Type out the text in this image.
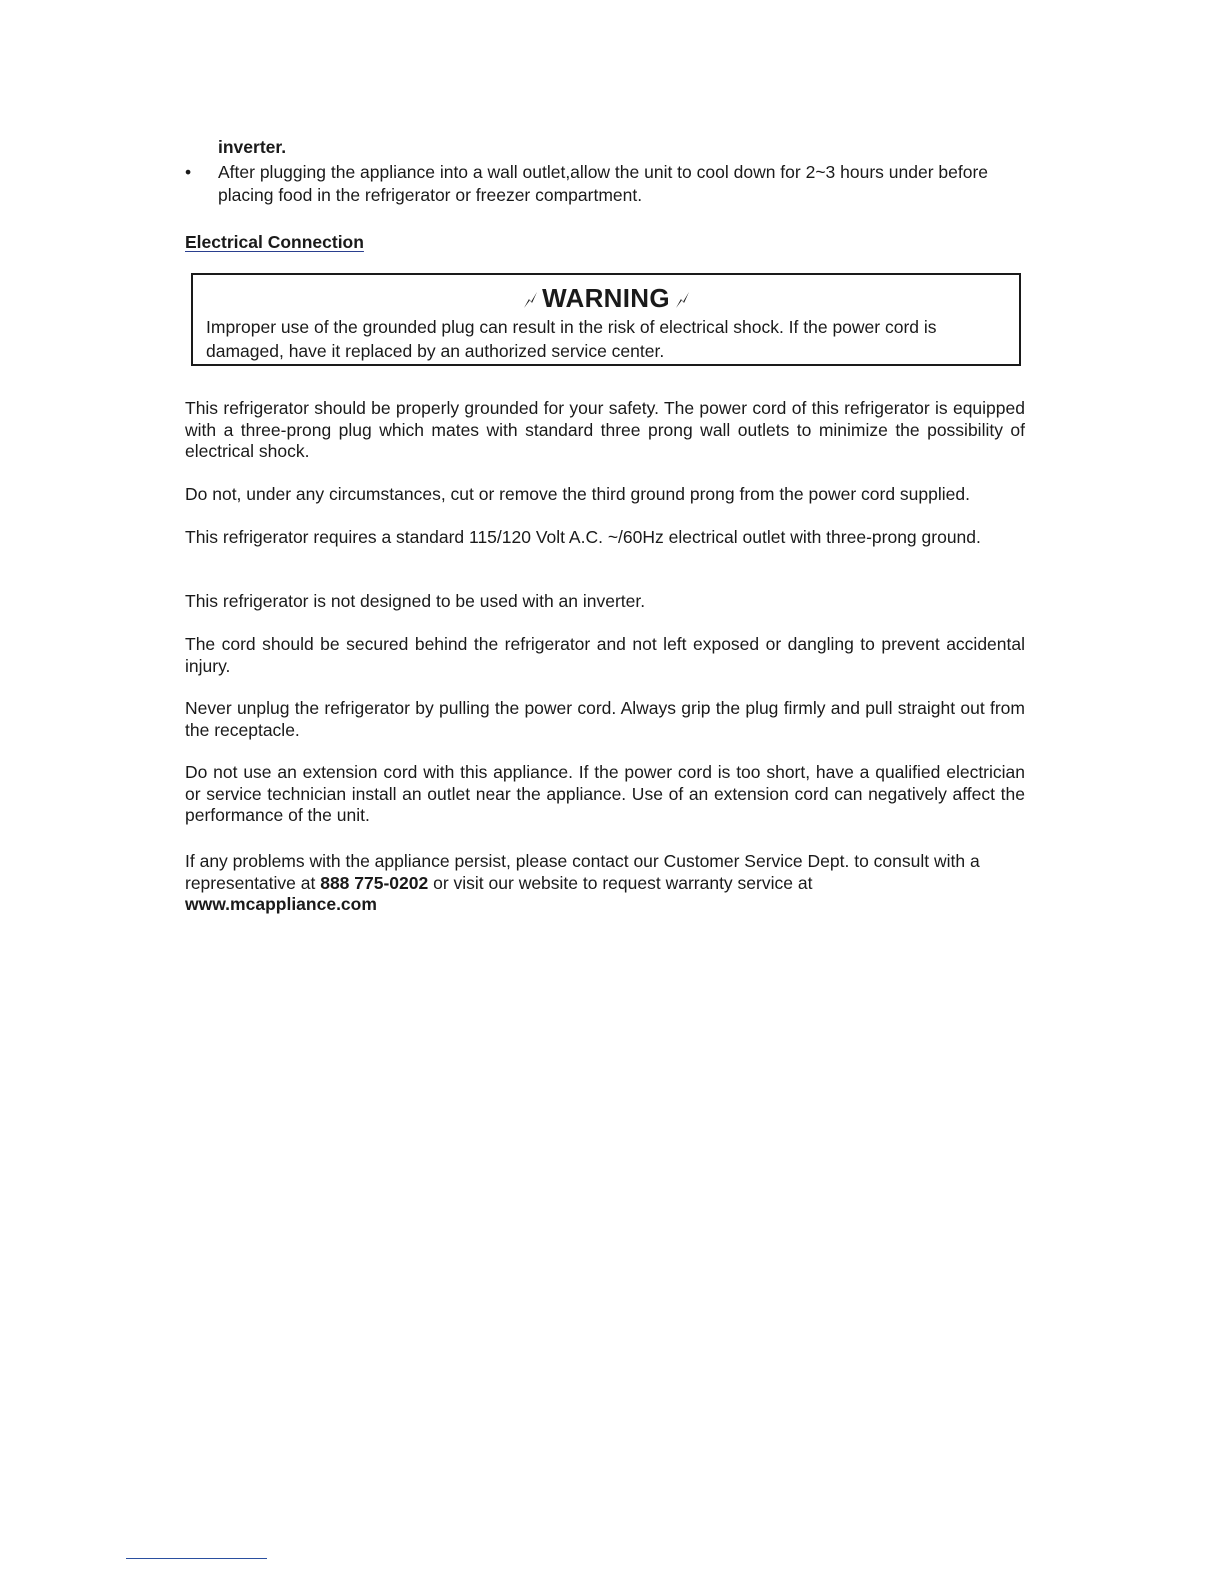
inverter.
• After plugging the appliance into a wall outlet,allow the unit to cool down for 2~3 hours under before placing food in the refrigerator or freezer compartment.
Electrical Connection
WARNING
Improper use of the grounded plug can result in the risk of electrical shock. If the power cord is damaged, have it replaced by an authorized service center.
This refrigerator should be properly grounded for your safety. The power cord of this refrigerator is equipped with a three-prong plug which mates with standard three prong wall outlets to minimize the possibility of electrical shock.
Do not, under any circumstances, cut or remove the third ground prong from the power cord supplied.
This refrigerator requires a standard 115/120 Volt A.C. ~/60Hz electrical outlet with three-prong ground.
This refrigerator is not designed to be used with an inverter.
The cord should be secured behind the refrigerator and not left exposed or dangling to prevent accidental injury.
Never unplug the refrigerator by pulling the power cord. Always grip the plug firmly and pull straight out from the receptacle.
Do not use an extension cord with this appliance. If the power cord is too short, have a qualified electrician or service technician install an outlet near the appliance. Use of an extension cord can negatively affect the performance of the unit.
If any problems with the appliance persist, please contact our Customer Service Dept. to consult with a representative at 888 775-0202 or visit our website to request warranty service at
www.mcappliance.com
